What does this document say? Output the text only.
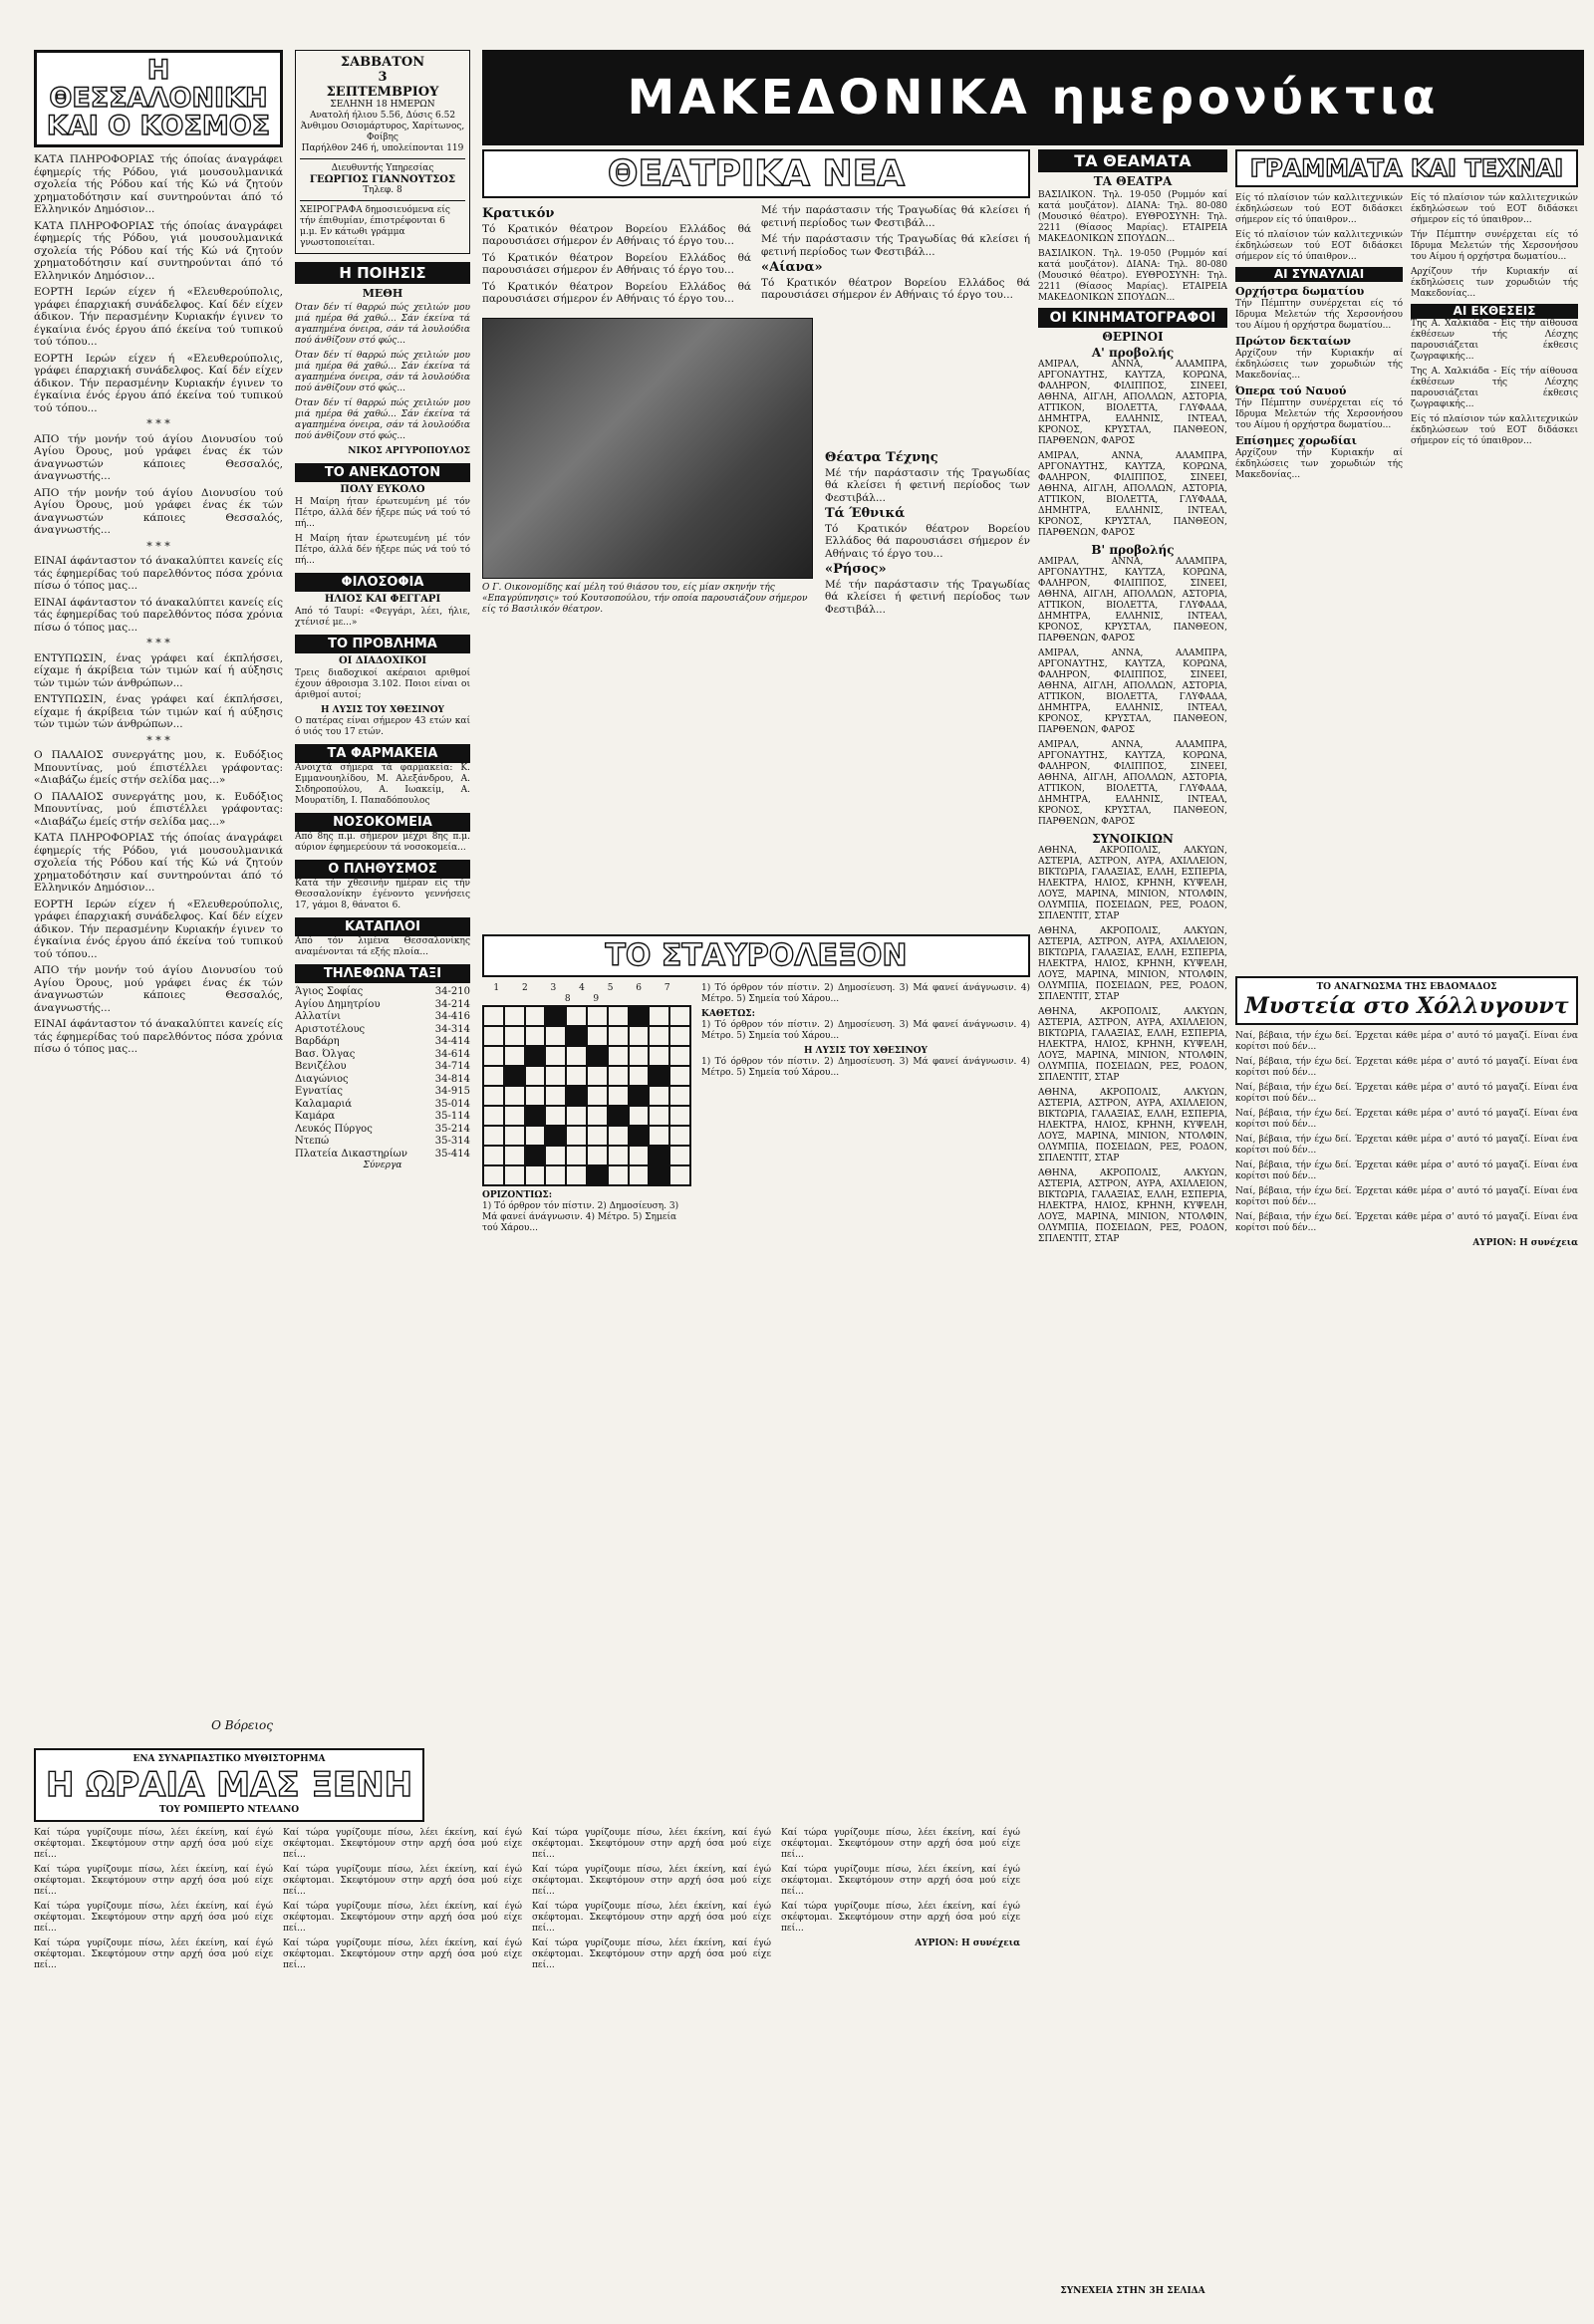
Η ΘΕΣΣΑΛΟΝΙΚΗ
ΚΑΙ Ο ΚΟΣΜΟΣ

ΚΑΤΑ ΠΛΗΡΟΦΟΡΙΑΣ τής όποίας άναγράφει έφημερίς τής Ρόδου, γιά μουσουλμανικά σχολεία τής Ρόδου καί τής Κώ νά ζητούν χρηματοδότησιν καί συντηρούνται άπό τό Ελληνικόν Δημόσιον...

ΚΑΤΑ ΠΛΗΡΟΦΟΡΙΑΣ τής όποίας άναγράφει έφημερίς τής Ρόδου, γιά μουσουλμανικά σχολεία τής Ρόδου καί τής Κώ νά ζητούν χρηματοδότησιν καί συντηρούνται άπό τό Ελληνικόν Δημόσιον...

ΕΟΡΤΗ Ιερών είχεν ή «Ελευθερούπολις, γράφει έπαρχιακή συνάδελφος. Καί δέν είχεν άδικον. Τήν περασμένην Κυριακήν έγινεν το έγκαίνια ένός έργου άπό έκείνα τού τυπικού τού τόπου...

ΕΟΡΤΗ Ιερών είχεν ή «Ελευθερούπολις, γράφει έπαρχιακή συνάδελφος. Καί δέν είχεν άδικον. Τήν περασμένην Κυριακήν έγινεν το έγκαίνια ένός έργου άπό έκείνα τού τυπικού τού τόπου...

* * *

ΑΠΟ τήν μονήν τού άγίου Διονυσίου τού Αγίου Όρους, μού γράφει ένας έκ τών άναγνωστών κάποιες Θεσσαλός, άναγνωστής...

ΑΠΟ τήν μονήν τού άγίου Διονυσίου τού Αγίου Όρους, μού γράφει ένας έκ τών άναγνωστών κάποιες Θεσσαλός, άναγνωστής...

* * *

ΕΙΝΑΙ άφάνταστον τό άνακαλύπτει κανείς είς τάς έφημερίδας τού παρελθόντος πόσα χρόνια πίσω ό τόπος μας...

ΕΙΝΑΙ άφάνταστον τό άνακαλύπτει κανείς είς τάς έφημερίδας τού παρελθόντος πόσα χρόνια πίσω ό τόπος μας...

* * *

ΕΝΤΥΠΩΣΙΝ, ένας γράφει καί έκπλήσσει, είχαμε ή άκρίβεια τών τιμών καί ή αύξησις τών τιμών τών άνθρώπων...

ΕΝΤΥΠΩΣΙΝ, ένας γράφει καί έκπλήσσει, είχαμε ή άκρίβεια τών τιμών καί ή αύξησις τών τιμών τών άνθρώπων...

* * *

Ο ΠΑΛΑΙΟΣ συνεργάτης μου, κ. Ευδόξιος Μπουντίνας, μού έπιστέλλει γράφοντας: «Διαβάζω έμείς στήν σελίδα μας...»

Ο ΠΑΛΑΙΟΣ συνεργάτης μου, κ. Ευδόξιος Μπουντίνας, μού έπιστέλλει γράφοντας: «Διαβάζω έμείς στήν σελίδα μας...»

ΚΑΤΑ ΠΛΗΡΟΦΟΡΙΑΣ τής όποίας άναγράφει έφημερίς τής Ρόδου, γιά μουσουλμανικά σχολεία τής Ρόδου καί τής Κώ νά ζητούν χρηματοδότησιν καί συντηρούνται άπό τό Ελληνικόν Δημόσιον...

ΕΟΡΤΗ Ιερών είχεν ή «Ελευθερούπολις, γράφει έπαρχιακή συνάδελφος. Καί δέν είχεν άδικον. Τήν περασμένην Κυριακήν έγινεν το έγκαίνια ένός έργου άπό έκείνα τού τυπικού τού τόπου...

ΑΠΟ τήν μονήν τού άγίου Διονυσίου τού Αγίου Όρους, μού γράφει ένας έκ τών άναγνωστών κάποιες Θεσσαλός, άναγνωστής...

ΕΙΝΑΙ άφάνταστον τό άνακαλύπτει κανείς είς τάς έφημερίδας τού παρελθόντος πόσα χρόνια πίσω ό τόπος μας...

Ο Βόρειος
ΣΑΒΒΑΤΟΝ
3
ΣΕΠΤΕΜΒΡΙΟΥ
ΣΕΛΗΝΗ 18 ΗΜΕΡΩΝ
Ανατολή ήλιου 5.56, Δύσις 6.52
Άνθιμου Οσιομάρτυρος, Χαρίτωνος, Φοίβης
Παρήλθον 246 ή, υπολείπονται 119
Διευθυντής Υπηρεσίας
ΓΕΩΡΓΙΟΣ ΓΙΑΝΝΟΥΤΣΟΣ
Τηλεφ. 8
ΧΕΙΡΟΓΡΑΦΑ δημοσιευόμενα είς τήν έπιθυμίαν, έπιστρέφονται 6 μ.μ. Εν κάτωθι γράμμα γνωστοποιείται.
Η ΠΟΙΗΣΙΣ
ΜΕΘΗ

Όταν δέν τί θαρρώ πώς χειλιών μου μιά ημέρα θά χαθώ... Σάν έκείνα τά αγαπημένα όνειρα, σάν τά λουλούδια πού άνθίζουν στό φώς...

Όταν δέν τί θαρρώ πώς χειλιών μου μιά ημέρα θά χαθώ... Σάν έκείνα τά αγαπημένα όνειρα, σάν τά λουλούδια πού άνθίζουν στό φώς...

Όταν δέν τί θαρρώ πώς χειλιών μου μιά ημέρα θά χαθώ... Σάν έκείνα τά αγαπημένα όνειρα, σάν τά λουλούδια πού άνθίζουν στό φώς...

ΝΙΚΟΣ ΑΡΓΥΡΟΠΟΥΛΟΣ
ΤΟ ΑΝΕΚΔΟΤΟΝ
ΠΟΛΥ ΕΥΚΟΛΟ

Η Μαίρη ήταν έρωτευμένη μέ τόν Πέτρο, άλλά δέν ήξερε πώς νά τού τό πή...

Η Μαίρη ήταν έρωτευμένη μέ τόν Πέτρο, άλλά δέν ήξερε πώς νά τού τό πή...

ΦΙΛΟΣΟΦΙΑ
ΗΛΙΟΣ ΚΑΙ ΦΕΓΓΑΡΙ

Από τό Ταυρί: «Φεγγάρι, λέει, ήλιε, χτένισέ με...»

ΤΟ ΠΡΟΒΛΗΜΑ
ΟΙ ΔΙΑΔΟΧΙΚΟΙ

Τρεις διαδοχικοί ακέραιοι αριθμοί έχουν άθροισμα 3.102. Ποιοι είναι οι άριθμοί αυτοί;

Η ΛΥΣΙΣ ΤΟΥ ΧΘΕΣΙΝΟΥ

Ο πατέρας είναι σήμερον 43 ετών καί ό υιός του 17 ετών.

ΤΑ ΦΑΡΜΑΚΕΙΑ

Ανοιχτά σήμερα τά φαρμακεία: Κ. Εμμανουηλίδου, Μ. Αλεξάνδρου, Α. Σιδηροπούλου, Α. Ιωακείμ, Α. Μουρατίδη, Ι. Παπαδόπουλος

ΝΟΣΟΚΟΜΕΙΑ

Από 8ης π.μ. σήμερον μέχρι 8ης π.μ. αύριον έφημερεύουν τά νοσοκομεία...

Ο ΠΛΗΘΥΣΜΟΣ

Κατά τήν χθεσινήν ημέραν είς τήν Θεσσαλονίκην έγένοντο γεννήσεις 17, γάμοι 8, θάνατοι 6.

ΚΑΤΑΠΛΟΙ

Από τόν λιμένα Θεσσαλονίκης αναμένονται τά εξής πλοία...

ΤΗΛΕΦΩΝΑ ΤΑΞΙ
Άγιος Σοφίας	34-210
Αγίου Δημητρίου	34-214
Αλλατίνι	34-416
Αριστοτέλους	34-314
Βαρδάρη	34-414
Βασ. Όλγας	34-614
Βενιζέλου	34-714
Διαγώνιος	34-814
Εγνατίας	34-915
Καλαμαριά	35-014
Καμάρα	35-114
Λευκός Πύργος	35-214
Ντεπώ	35-314
Πλατεία Δικαστηρίων	35-414
Σύνεργα
ΜΑΚΕΔΟΝΙΚΑ ημερονύκτια
ΘΕΑΤΡΙΚΑ ΝΕΑ
Κρατικόν

Τό Κρατικόν θέατρον Βορείου Ελλάδος θά παρουσιάσει σήμερον έν Αθήναις τό έργο του...

Τό Κρατικόν θέατρον Βορείου Ελλάδος θά παρουσιάσει σήμερον έν Αθήναις τό έργο του...

Τό Κρατικόν θέατρον Βορείου Ελλάδος θά παρουσιάσει σήμερον έν Αθήναις τό έργο του...

Μέ τήν παράστασιν τής Τραγωδίας θά κλείσει ή φετινή περίοδος των Φεστιβάλ...

Μέ τήν παράστασιν τής Τραγωδίας θά κλείσει ή φετινή περίοδος των Φεστιβάλ...

«Αίανα»

Τό Κρατικόν θέατρον Βορείου Ελλάδος θά παρουσιάσει σήμερον έν Αθήναις τό έργο του...

Ο Γ. Οικονομίδης καί μέλη τού θιάσου του, είς μίαν σκηνήν τής «Επαγρύπνησις» τού Κουτσοπούλου, τήν οποία παρουσιάζουν σήμερον είς τό Βασιλικόν θέατρον.
Θέατρα Τέχνης

Μέ τήν παράστασιν τής Τραγωδίας θά κλείσει ή φετινή περίοδος των Φεστιβάλ...

Τά Έθνικά

Τό Κρατικόν θέατρον Βορείου Ελλάδος θά παρουσιάσει σήμερον έν Αθήναις τό έργο του...

«Ρήσος»

Μέ τήν παράστασιν τής Τραγωδίας θά κλείσει ή φετινή περίοδος των Φεστιβάλ...

ΤΟ ΣΤΑΥΡΟΛΕΞΟΝ
1 2 3 4 5 6 7 8 9
ΟΡΙΖΟΝΤΙΩΣ:
1) Τό όρθρον τόν πίστιν. 2) Δημοσίευση. 3) Μά φανεί άνάγνωσιν. 4) Μέτρο. 5) Σημεία τού Χάρου...

1) Τό όρθρον τόν πίστιν. 2) Δημοσίευση. 3) Μά φανεί άνάγνωσιν. 4) Μέτρο. 5) Σημεία τού Χάρου...

ΚΑΘΕΤΩΣ:

1) Τό όρθρον τόν πίστιν. 2) Δημοσίευση. 3) Μά φανεί άνάγνωσιν. 4) Μέτρο. 5) Σημεία τού Χάρου...

Η ΛΥΣΙΣ ΤΟΥ ΧΘΕΣΙΝΟΥ

1) Τό όρθρον τόν πίστιν. 2) Δημοσίευση. 3) Μά φανεί άνάγνωσιν. 4) Μέτρο. 5) Σημεία τού Χάρου...

ΤΑ ΘΕΑΜΑΤΑ
ΤΑ ΘΕΑΤΡΑ

ΒΑΣΙΛΙΚΟΝ. Τηλ. 19-050 (Ρυμμόν καί κατά μουζάτον). ΔΙΑΝΑ: Τηλ. 80-080 (Μουσικό θέατρο). ΕΥΘΡΟΣΥΝΗ: Τηλ. 2211 (Θίασος Μαρίας). ΕΤΑΙΡΕΙΑ ΜΑΚΕΔΟΝΙΚΩΝ ΣΠΟΥΔΩΝ...

ΒΑΣΙΛΙΚΟΝ. Τηλ. 19-050 (Ρυμμόν καί κατά μουζάτον). ΔΙΑΝΑ: Τηλ. 80-080 (Μουσικό θέατρο). ΕΥΘΡΟΣΥΝΗ: Τηλ. 2211 (Θίασος Μαρίας). ΕΤΑΙΡΕΙΑ ΜΑΚΕΔΟΝΙΚΩΝ ΣΠΟΥΔΩΝ...

ΟΙ ΚΙΝΗΜΑΤΟΓΡΑΦΟΙ
ΘΕΡΙΝΟΙ
Α' προβολής

ΑΜΙΡΑΛ, ΑΝΝΑ, ΑΛΑΜΠΡΑ, ΑΡΓΟΝΑΥΤΗΣ, ΚΑΥΤΖΑ, ΚΟΡΩΝΑ, ΦΑΛΗΡΟΝ, ΦΙΛΙΠΠΟΣ, ΣΙΝΕΕΙ, ΑΘΗΝΑ, ΑΙΓΛΗ, ΑΠΟΛΛΩΝ, ΑΣΤΟΡΙΑ, ΑΤΤΙΚΟΝ, ΒΙΟΛΕΤΤΑ, ΓΛΥΦΑΔΑ, ΔΗΜΗΤΡΑ, ΕΛΛΗΝΙΣ, ΙΝΤΕΑΛ, ΚΡΟΝΟΣ, ΚΡΥΣΤΑΛ, ΠΑΝΘΕΟΝ, ΠΑΡΘΕΝΩΝ, ΦΑΡΟΣ

ΑΜΙΡΑΛ, ΑΝΝΑ, ΑΛΑΜΠΡΑ, ΑΡΓΟΝΑΥΤΗΣ, ΚΑΥΤΖΑ, ΚΟΡΩΝΑ, ΦΑΛΗΡΟΝ, ΦΙΛΙΠΠΟΣ, ΣΙΝΕΕΙ, ΑΘΗΝΑ, ΑΙΓΛΗ, ΑΠΟΛΛΩΝ, ΑΣΤΟΡΙΑ, ΑΤΤΙΚΟΝ, ΒΙΟΛΕΤΤΑ, ΓΛΥΦΑΔΑ, ΔΗΜΗΤΡΑ, ΕΛΛΗΝΙΣ, ΙΝΤΕΑΛ, ΚΡΟΝΟΣ, ΚΡΥΣΤΑΛ, ΠΑΝΘΕΟΝ, ΠΑΡΘΕΝΩΝ, ΦΑΡΟΣ

Β' προβολής

ΑΜΙΡΑΛ, ΑΝΝΑ, ΑΛΑΜΠΡΑ, ΑΡΓΟΝΑΥΤΗΣ, ΚΑΥΤΖΑ, ΚΟΡΩΝΑ, ΦΑΛΗΡΟΝ, ΦΙΛΙΠΠΟΣ, ΣΙΝΕΕΙ, ΑΘΗΝΑ, ΑΙΓΛΗ, ΑΠΟΛΛΩΝ, ΑΣΤΟΡΙΑ, ΑΤΤΙΚΟΝ, ΒΙΟΛΕΤΤΑ, ΓΛΥΦΑΔΑ, ΔΗΜΗΤΡΑ, ΕΛΛΗΝΙΣ, ΙΝΤΕΑΛ, ΚΡΟΝΟΣ, ΚΡΥΣΤΑΛ, ΠΑΝΘΕΟΝ, ΠΑΡΘΕΝΩΝ, ΦΑΡΟΣ

ΑΜΙΡΑΛ, ΑΝΝΑ, ΑΛΑΜΠΡΑ, ΑΡΓΟΝΑΥΤΗΣ, ΚΑΥΤΖΑ, ΚΟΡΩΝΑ, ΦΑΛΗΡΟΝ, ΦΙΛΙΠΠΟΣ, ΣΙΝΕΕΙ, ΑΘΗΝΑ, ΑΙΓΛΗ, ΑΠΟΛΛΩΝ, ΑΣΤΟΡΙΑ, ΑΤΤΙΚΟΝ, ΒΙΟΛΕΤΤΑ, ΓΛΥΦΑΔΑ, ΔΗΜΗΤΡΑ, ΕΛΛΗΝΙΣ, ΙΝΤΕΑΛ, ΚΡΟΝΟΣ, ΚΡΥΣΤΑΛ, ΠΑΝΘΕΟΝ, ΠΑΡΘΕΝΩΝ, ΦΑΡΟΣ

ΑΜΙΡΑΛ, ΑΝΝΑ, ΑΛΑΜΠΡΑ, ΑΡΓΟΝΑΥΤΗΣ, ΚΑΥΤΖΑ, ΚΟΡΩΝΑ, ΦΑΛΗΡΟΝ, ΦΙΛΙΠΠΟΣ, ΣΙΝΕΕΙ, ΑΘΗΝΑ, ΑΙΓΛΗ, ΑΠΟΛΛΩΝ, ΑΣΤΟΡΙΑ, ΑΤΤΙΚΟΝ, ΒΙΟΛΕΤΤΑ, ΓΛΥΦΑΔΑ, ΔΗΜΗΤΡΑ, ΕΛΛΗΝΙΣ, ΙΝΤΕΑΛ, ΚΡΟΝΟΣ, ΚΡΥΣΤΑΛ, ΠΑΝΘΕΟΝ, ΠΑΡΘΕΝΩΝ, ΦΑΡΟΣ

ΣΥΝΟΙΚΙΩΝ

ΑΘΗΝΑ, ΑΚΡΟΠΟΛΙΣ, ΑΛΚΥΩΝ, ΑΣΤΕΡΙΑ, ΑΣΤΡΟΝ, ΑΥΡΑ, ΑΧΙΛΛΕΙΟΝ, ΒΙΚΤΩΡΙΑ, ΓΑΛΑΞΙΑΣ, ΕΛΛΗ, ΕΣΠΕΡΙΑ, ΗΛΕΚΤΡΑ, ΗΛΙΟΣ, ΚΡΗΝΗ, ΚΥΨΕΛΗ, ΛΟΥΞ, ΜΑΡΙΝΑ, ΜΙΝΙΟΝ, ΝΤΟΛΦΙΝ, ΟΛΥΜΠΙΑ, ΠΟΣΕΙΔΩΝ, ΡΕΞ, ΡΟΔΟΝ, ΣΠΛΕΝΤΙΤ, ΣΤΑΡ

ΑΘΗΝΑ, ΑΚΡΟΠΟΛΙΣ, ΑΛΚΥΩΝ, ΑΣΤΕΡΙΑ, ΑΣΤΡΟΝ, ΑΥΡΑ, ΑΧΙΛΛΕΙΟΝ, ΒΙΚΤΩΡΙΑ, ΓΑΛΑΞΙΑΣ, ΕΛΛΗ, ΕΣΠΕΡΙΑ, ΗΛΕΚΤΡΑ, ΗΛΙΟΣ, ΚΡΗΝΗ, ΚΥΨΕΛΗ, ΛΟΥΞ, ΜΑΡΙΝΑ, ΜΙΝΙΟΝ, ΝΤΟΛΦΙΝ, ΟΛΥΜΠΙΑ, ΠΟΣΕΙΔΩΝ, ΡΕΞ, ΡΟΔΟΝ, ΣΠΛΕΝΤΙΤ, ΣΤΑΡ

ΑΘΗΝΑ, ΑΚΡΟΠΟΛΙΣ, ΑΛΚΥΩΝ, ΑΣΤΕΡΙΑ, ΑΣΤΡΟΝ, ΑΥΡΑ, ΑΧΙΛΛΕΙΟΝ, ΒΙΚΤΩΡΙΑ, ΓΑΛΑΞΙΑΣ, ΕΛΛΗ, ΕΣΠΕΡΙΑ, ΗΛΕΚΤΡΑ, ΗΛΙΟΣ, ΚΡΗΝΗ, ΚΥΨΕΛΗ, ΛΟΥΞ, ΜΑΡΙΝΑ, ΜΙΝΙΟΝ, ΝΤΟΛΦΙΝ, ΟΛΥΜΠΙΑ, ΠΟΣΕΙΔΩΝ, ΡΕΞ, ΡΟΔΟΝ, ΣΠΛΕΝΤΙΤ, ΣΤΑΡ

ΑΘΗΝΑ, ΑΚΡΟΠΟΛΙΣ, ΑΛΚΥΩΝ, ΑΣΤΕΡΙΑ, ΑΣΤΡΟΝ, ΑΥΡΑ, ΑΧΙΛΛΕΙΟΝ, ΒΙΚΤΩΡΙΑ, ΓΑΛΑΞΙΑΣ, ΕΛΛΗ, ΕΣΠΕΡΙΑ, ΗΛΕΚΤΡΑ, ΗΛΙΟΣ, ΚΡΗΝΗ, ΚΥΨΕΛΗ, ΛΟΥΞ, ΜΑΡΙΝΑ, ΜΙΝΙΟΝ, ΝΤΟΛΦΙΝ, ΟΛΥΜΠΙΑ, ΠΟΣΕΙΔΩΝ, ΡΕΞ, ΡΟΔΟΝ, ΣΠΛΕΝΤΙΤ, ΣΤΑΡ

ΑΘΗΝΑ, ΑΚΡΟΠΟΛΙΣ, ΑΛΚΥΩΝ, ΑΣΤΕΡΙΑ, ΑΣΤΡΟΝ, ΑΥΡΑ, ΑΧΙΛΛΕΙΟΝ, ΒΙΚΤΩΡΙΑ, ΓΑΛΑΞΙΑΣ, ΕΛΛΗ, ΕΣΠΕΡΙΑ, ΗΛΕΚΤΡΑ, ΗΛΙΟΣ, ΚΡΗΝΗ, ΚΥΨΕΛΗ, ΛΟΥΞ, ΜΑΡΙΝΑ, ΜΙΝΙΟΝ, ΝΤΟΛΦΙΝ, ΟΛΥΜΠΙΑ, ΠΟΣΕΙΔΩΝ, ΡΕΞ, ΡΟΔΟΝ, ΣΠΛΕΝΤΙΤ, ΣΤΑΡ

ΣΥΝΕΧΕΙΑ ΣΤΗΝ 3Η ΣΕΛΙΔΑ
ΓΡΑΜΜΑΤΑ ΚΑΙ ΤΕΧΝΑΙ

Είς τό πλαίσιον τών καλλιτεχνικών έκδηλώσεων τού ΕΟΤ διδάσκει σήμερον είς τό ύπαιθρον...

Είς τό πλαίσιον τών καλλιτεχνικών έκδηλώσεων τού ΕΟΤ διδάσκει σήμερον είς τό ύπαιθρον...

ΑΙ ΣΥΝΑΥΛΙΑΙ
Ορχήστρα δωματίου

Τήν Πέμπτην συνέρχεται είς τό Ιδρυμα Μελετών τής Χερσονήσου του Αίμου ή ορχήστρα δωματίου...

Πρώτον δεκταίων

Αρχίζουν τήν Κυριακήν αί έκδηλώσεις των χορωδιών τής Μακεδονίας...

Όπερα τού Ναυού

Τήν Πέμπτην συνέρχεται είς τό Ιδρυμα Μελετών τής Χερσονήσου του Αίμου ή ορχήστρα δωματίου...

Επίσημες χορωδίαι

Αρχίζουν τήν Κυριακήν αί έκδηλώσεις των χορωδιών τής Μακεδονίας...

Είς τό πλαίσιον τών καλλιτεχνικών έκδηλώσεων τού ΕΟΤ διδάσκει σήμερον είς τό ύπαιθρον...

Τήν Πέμπτην συνέρχεται είς τό Ιδρυμα Μελετών τής Χερσονήσου του Αίμου ή ορχήστρα δωματίου...

Αρχίζουν τήν Κυριακήν αί έκδηλώσεις των χορωδιών τής Μακεδονίας...

ΑΙ ΕΚΘΕΣΕΙΣ

Της Α. Χαλκιάδα - Είς τήν αίθουσα έκθέσεων τής Λέσχης παρουσιάζεται έκθεσις ζωγραφικής...

Της Α. Χαλκιάδα - Είς τήν αίθουσα έκθέσεων τής Λέσχης παρουσιάζεται έκθεσις ζωγραφικής...

Είς τό πλαίσιον τών καλλιτεχνικών έκδηλώσεων τού ΕΟΤ διδάσκει σήμερον είς τό ύπαιθρον...

ΤΟ ΑΝΑΓΝΩΣΜΑ ΤΗΣ ΕΒΔΟΜΑΔΟΣ
Μυστεία στο Χόλλυγουντ

Ναί, βέβαια, τήν έχω δεί. Έρχεται κάθε μέρα σ' αυτό τό μαγαζί. Είναι ένα κορίτσι πού δέν...

Ναί, βέβαια, τήν έχω δεί. Έρχεται κάθε μέρα σ' αυτό τό μαγαζί. Είναι ένα κορίτσι πού δέν...

Ναί, βέβαια, τήν έχω δεί. Έρχεται κάθε μέρα σ' αυτό τό μαγαζί. Είναι ένα κορίτσι πού δέν...

Ναί, βέβαια, τήν έχω δεί. Έρχεται κάθε μέρα σ' αυτό τό μαγαζί. Είναι ένα κορίτσι πού δέν...

Ναί, βέβαια, τήν έχω δεί. Έρχεται κάθε μέρα σ' αυτό τό μαγαζί. Είναι ένα κορίτσι πού δέν...

Ναί, βέβαια, τήν έχω δεί. Έρχεται κάθε μέρα σ' αυτό τό μαγαζί. Είναι ένα κορίτσι πού δέν...

Ναί, βέβαια, τήν έχω δεί. Έρχεται κάθε μέρα σ' αυτό τό μαγαζί. Είναι ένα κορίτσι πού δέν...

Ναί, βέβαια, τήν έχω δεί. Έρχεται κάθε μέρα σ' αυτό τό μαγαζί. Είναι ένα κορίτσι πού δέν...

ΑΥΡΙΟΝ: Η συνέχεια
ΕΝΑ ΣΥΝΑΡΠΑΣΤΙΚΟ ΜΥΘΙΣΤΟΡΗΜΑ
Η ΩΡΑΙΑ ΜΑΣ ΞΕΝΗ
ΤΟΥ ΡΟΜΠΕΡΤΟ ΝΤΕΛΑΝΟ

Καί τώρα γυρίζουμε πίσω, λέει έκείνη, καί έγώ σκέφτομαι. Σκεφτόμουν στην αρχή όσα μού είχε πεί...

Καί τώρα γυρίζουμε πίσω, λέει έκείνη, καί έγώ σκέφτομαι. Σκεφτόμουν στην αρχή όσα μού είχε πεί...

Καί τώρα γυρίζουμε πίσω, λέει έκείνη, καί έγώ σκέφτομαι. Σκεφτόμουν στην αρχή όσα μού είχε πεί...

Καί τώρα γυρίζουμε πίσω, λέει έκείνη, καί έγώ σκέφτομαι. Σκεφτόμουν στην αρχή όσα μού είχε πεί...

Καί τώρα γυρίζουμε πίσω, λέει έκείνη, καί έγώ σκέφτομαι. Σκεφτόμουν στην αρχή όσα μού είχε πεί...

Καί τώρα γυρίζουμε πίσω, λέει έκείνη, καί έγώ σκέφτομαι. Σκεφτόμουν στην αρχή όσα μού είχε πεί...

Καί τώρα γυρίζουμε πίσω, λέει έκείνη, καί έγώ σκέφτομαι. Σκεφτόμουν στην αρχή όσα μού είχε πεί...

Καί τώρα γυρίζουμε πίσω, λέει έκείνη, καί έγώ σκέφτομαι. Σκεφτόμουν στην αρχή όσα μού είχε πεί...

Καί τώρα γυρίζουμε πίσω, λέει έκείνη, καί έγώ σκέφτομαι. Σκεφτόμουν στην αρχή όσα μού είχε πεί...

Καί τώρα γυρίζουμε πίσω, λέει έκείνη, καί έγώ σκέφτομαι. Σκεφτόμουν στην αρχή όσα μού είχε πεί...

Καί τώρα γυρίζουμε πίσω, λέει έκείνη, καί έγώ σκέφτομαι. Σκεφτόμουν στην αρχή όσα μού είχε πεί...

Καί τώρα γυρίζουμε πίσω, λέει έκείνη, καί έγώ σκέφτομαι. Σκεφτόμουν στην αρχή όσα μού είχε πεί...

Καί τώρα γυρίζουμε πίσω, λέει έκείνη, καί έγώ σκέφτομαι. Σκεφτόμουν στην αρχή όσα μού είχε πεί...

Καί τώρα γυρίζουμε πίσω, λέει έκείνη, καί έγώ σκέφτομαι. Σκεφτόμουν στην αρχή όσα μού είχε πεί...

Καί τώρα γυρίζουμε πίσω, λέει έκείνη, καί έγώ σκέφτομαι. Σκεφτόμουν στην αρχή όσα μού είχε πεί...

ΑΥΡΙΟΝ: Η συνέχεια
